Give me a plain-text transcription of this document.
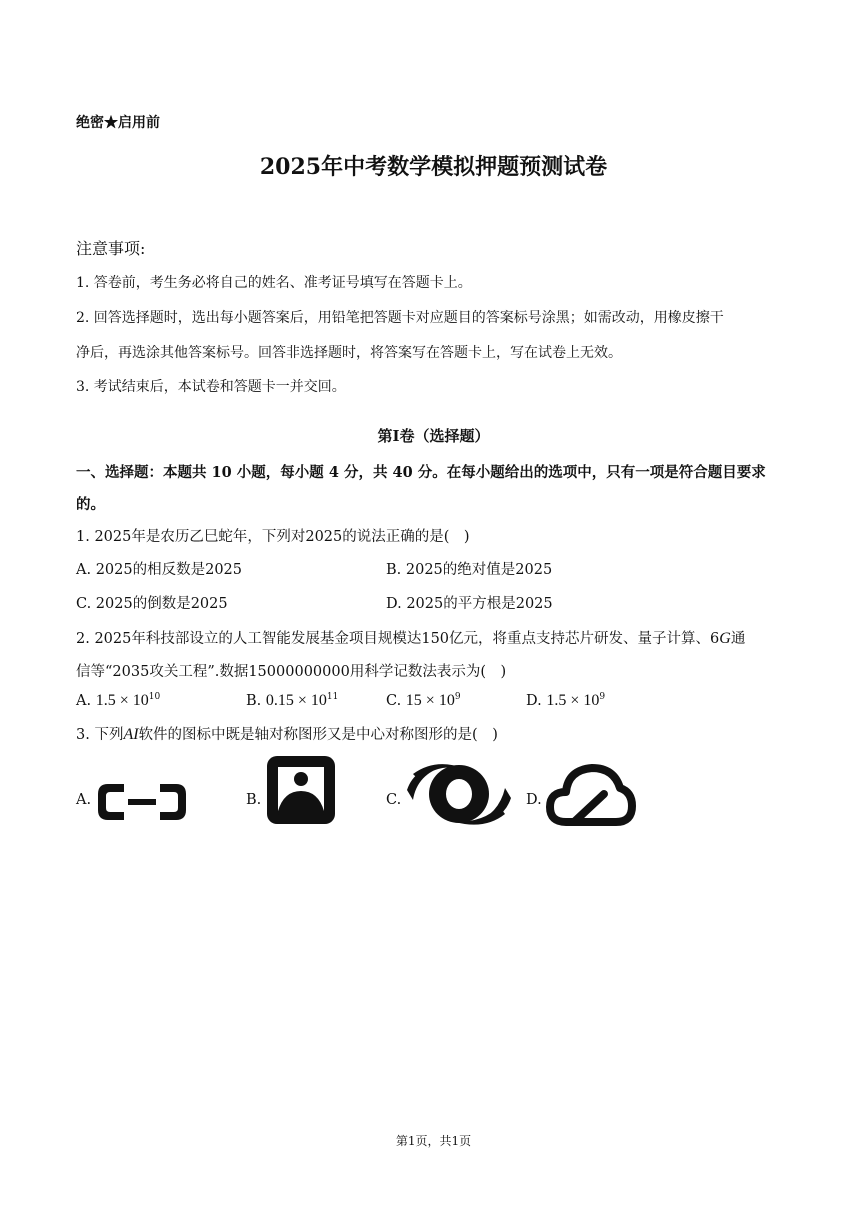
绝密★启用前
2025年中考数学模拟押题预测试卷
注意事项:
1. 答卷前，考生务必将自己的姓名、准考证号填写在答题卡上。
2. 回答选择题时，选出每小题答案后，用铅笔把答题卡对应题目的答案标号涂黑；如需改动，用橡皮擦干
净后，再选涂其他答案标号。回答非选择题时，将答案写在答题卡上，写在试卷上无效。
3. 考试结束后，本试卷和答题卡一并交回。
第Ⅰ卷（选择题）
一、选择题：本题共 10 小题，每小题 4 分，共 40 分。在每小题给出的选项中，只有一项是符合题目要求
的。
1. 2025年是农历乙巳蛇年，下列对2025的说法正确的是(　)
A. 2025的相反数是2025	B. 2025的绝对值是2025
C. 2025的倒数是2025	D. 2025的平方根是2025
2. 2025年科技部设立的人工智能发展基金项目规模达150亿元，将重点支持芯片研发、量子计算、6G通
信等“2035攻关工程”.数据15000000000用科学记数法表示为(　)
A. $1.5 \times 10^{10}$	B. $0.15 \times 10^{11}$	C. $15 \times 10^9$	D. $1.5 \times 10^9$
3. 下列AI软件的图标中既是轴对称图形又是中心对称图形的是(　)
A.	B.	C.	D.
第1页，共1页
